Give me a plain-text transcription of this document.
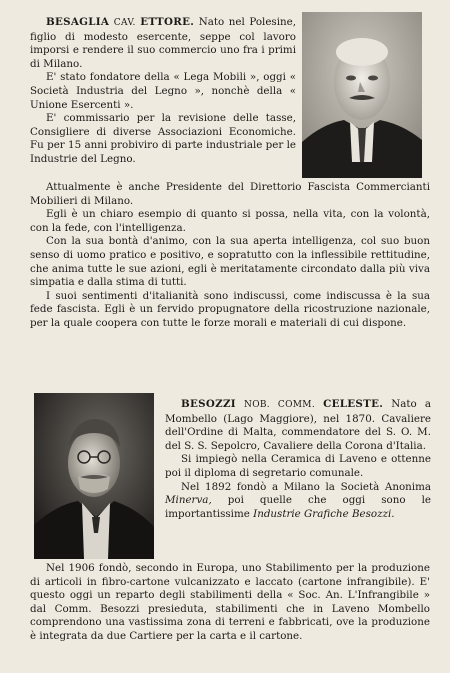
BESAGLIA CAV. ETTORE. Nato nel Polesine, figlio di modesto esercente, seppe col lavoro imporsi e rendere il suo commercio uno fra i primi di Milano.

E' stato fondatore della « Lega Mobili », oggi « Società Industria del Legno », nonchè della « Unione Esercenti ».

E' commissario per la revisione delle tasse, Consigliere di diverse Associazioni Economiche. Fu per 15 anni probiviro di parte industriale per le Industrie del Legno.

Attualmente è anche Presidente del Direttorio Fascista Commercianti Mobilieri di Milano.

Egli è un chiaro esempio di quanto si possa, nella vita, con la volontà, con la fede, con l'intelligenza.

Con la sua bontà d'animo, con la sua aperta intelligenza, col suo buon senso di uomo pratico e positivo, e sopratutto con la inflessibile rettitudine, che anima tutte le sue azioni, egli è meritatamente circondato dalla più viva simpatia e dalla stima di tutti.

I suoi sentimenti d'italianità sono indiscussi, come indiscussa è la sua fede fascista. Egli è un fervido propugnatore della ricostruzione nazionale, per la quale coopera con tutte le forze morali e materiali di cui dispone.

BESOZZI NOB. COMM. CELESTE. Nato a Mombello (Lago Maggiore), nel 1870. Cavaliere dell'Ordine di Malta, commendatore del S. O. M. del S. S. Sepolcro, Cavaliere della Corona d'Italia.

Si impiegò nella Ceramica di Laveno e ottenne poi il diploma di segretario comunale.

Nel 1892 fondò a Milano la Società Anonima Minerva, poi quelle che oggi sono le importantissime Industrie Grafiche Besozzi.

Nel 1906 fondò, secondo in Europa, uno Stabilimento per la produzione di articoli in fibro-cartone vulcanizzato e laccato (cartone infrangibile). E' questo oggi un reparto degli stabilimenti della « Soc. An. L'Infrangibile » dal Comm. Besozzi presieduta, stabilimenti che in Laveno Mombello comprendono una vastissima zona di terreni e fabbricati, ove la produzione è integrata da due Cartiere per la carta e il cartone.
